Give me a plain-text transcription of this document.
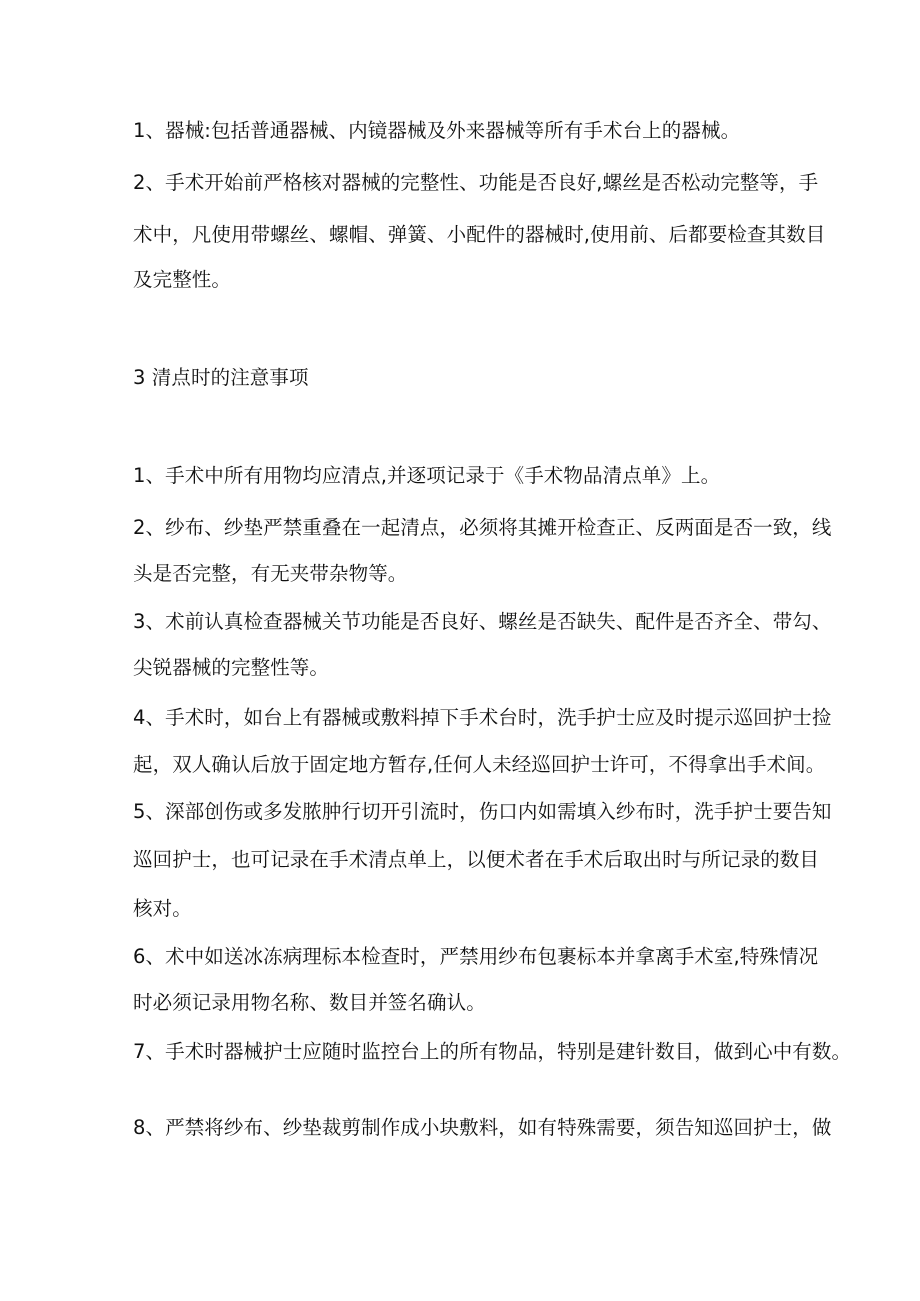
1、器械:包括普通器械、内镜器械及外来器械等所有手术台上的器械。
2、手术开始前严格核对器械的完整性、功能是否良好,螺丝是否松动完整等，手
术中，凡使用带螺丝、螺帽、弹簧、小配件的器械时,使用前、后都要检查其数目
及完整性。
3 清点时的注意事项
1、手术中所有用物均应清点,并逐项记录于《手术物品清点单》上。
2、纱布、纱垫严禁重叠在一起清点，必须将其摊开检查正、反两面是否一致，线
头是否完整，有无夹带杂物等。
3、术前认真检查器械关节功能是否良好、螺丝是否缺失、配件是否齐全、带勾、
尖锐器械的完整性等。
4、手术时，如台上有器械或敷料掉下手术台时，洗手护士应及时提示巡回护士捡
起，双人确认后放于固定地方暂存,任何人未经巡回护士许可，不得拿出手术间。
5、深部创伤或多发脓肿行切开引流时，伤口内如需填入纱布时，洗手护士要告知
巡回护士，也可记录在手术清点单上，以便术者在手术后取出时与所记录的数目
核对。
6、术中如送冰冻病理标本检查时，严禁用纱布包裹标本并拿离手术室,特殊情况
时必须记录用物名称、数目并签名确认。
7、手术时器械护士应随时监控台上的所有物品，特别是建针数目，做到心中有数。
8、严禁将纱布、纱垫裁剪制作成小块敷料，如有特殊需要，须告知巡回护士，做
